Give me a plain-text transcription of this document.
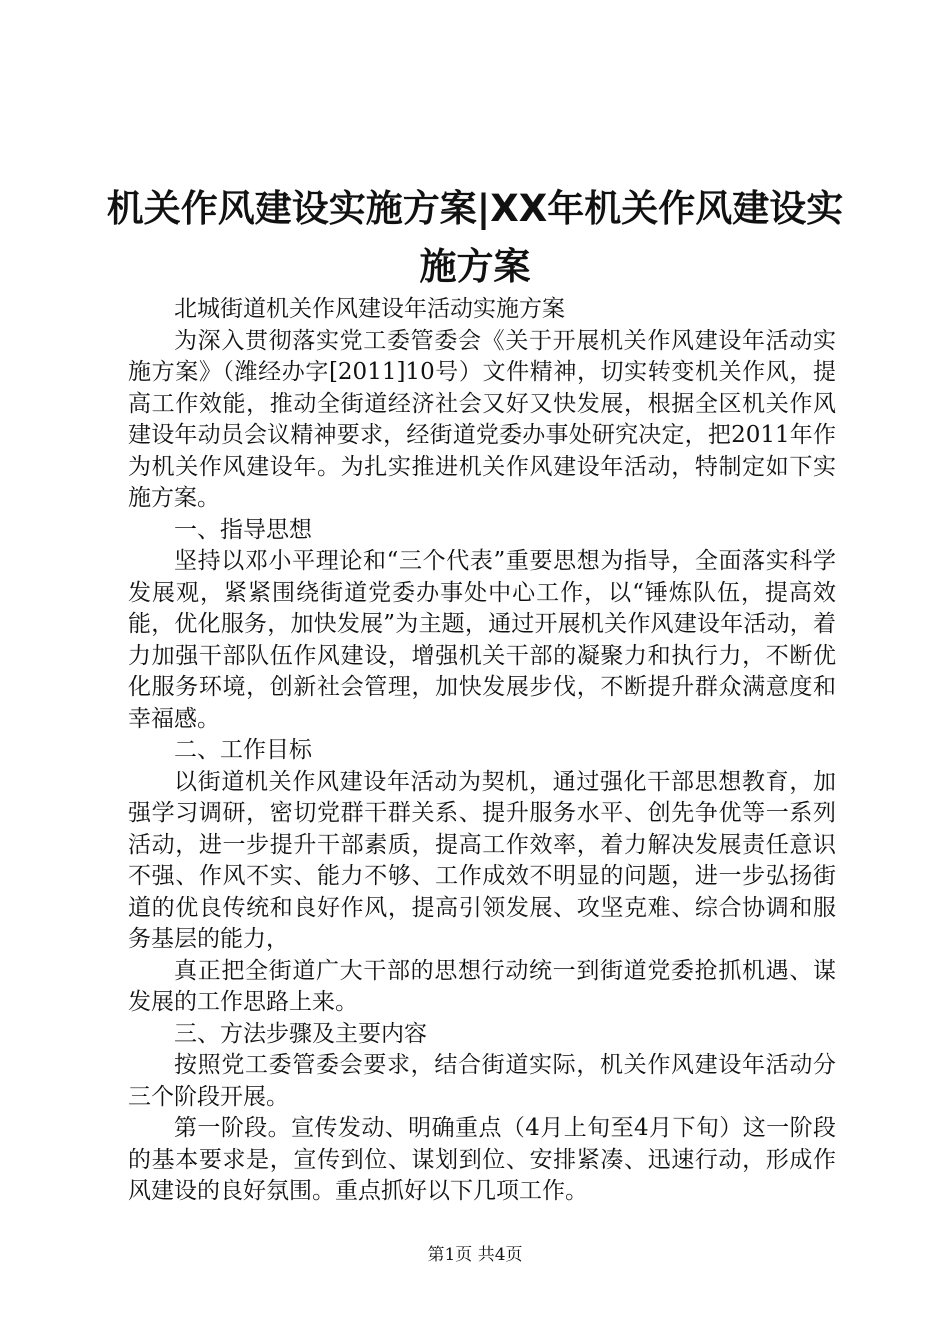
机关作风建设实施方案|XX年机关作风建设实
施方案

北城街道机关作风建设年活动实施方案

为深入贯彻落实党工委管委会《关于开展机关作风建设年活动实施方案》（潍经办字[2011]10号）文件精神，切实转变机关作风，提高工作效能，推动全街道经济社会又好又快发展，根据全区机关作风建设年动员会议精神要求，经街道党委办事处研究决定，把2011年作为机关作风建设年。为扎实推进机关作风建设年活动，特制定如下实施方案。

一、指导思想

坚持以邓小平理论和“三个代表”重要思想为指导，全面落实科学发展观，紧紧围绕街道党委办事处中心工作，以“锤炼队伍，提高效能，优化服务，加快发展”为主题，通过开展机关作风建设年活动，着力加强干部队伍作风建设，增强机关干部的凝聚力和执行力，不断优化服务环境，创新社会管理，加快发展步伐，不断提升群众满意度和幸福感。

二、工作目标

以街道机关作风建设年活动为契机，通过强化干部思想教育，加强学习调研，密切党群干群关系、提升服务水平、创先争优等一系列活动，进一步提升干部素质，提高工作效率，着力解决发展责任意识不强、作风不实、能力不够、工作成效不明显的问题，进一步弘扬街道的优良传统和良好作风，提高引领发展、攻坚克难、综合协调和服务基层的能力，

真正把全街道广大干部的思想行动统一到街道党委抢抓机遇、谋发展的工作思路上来。

三、方法步骤及主要内容

按照党工委管委会要求，结合街道实际，机关作风建设年活动分三个阶段开展。

第一阶段。宣传发动、明确重点（4月上旬至4月下旬）这一阶段的基本要求是，宣传到位、谋划到位、安排紧凑、迅速行动，形成作风建设的良好氛围。重点抓好以下几项工作。

第1页 共4页
